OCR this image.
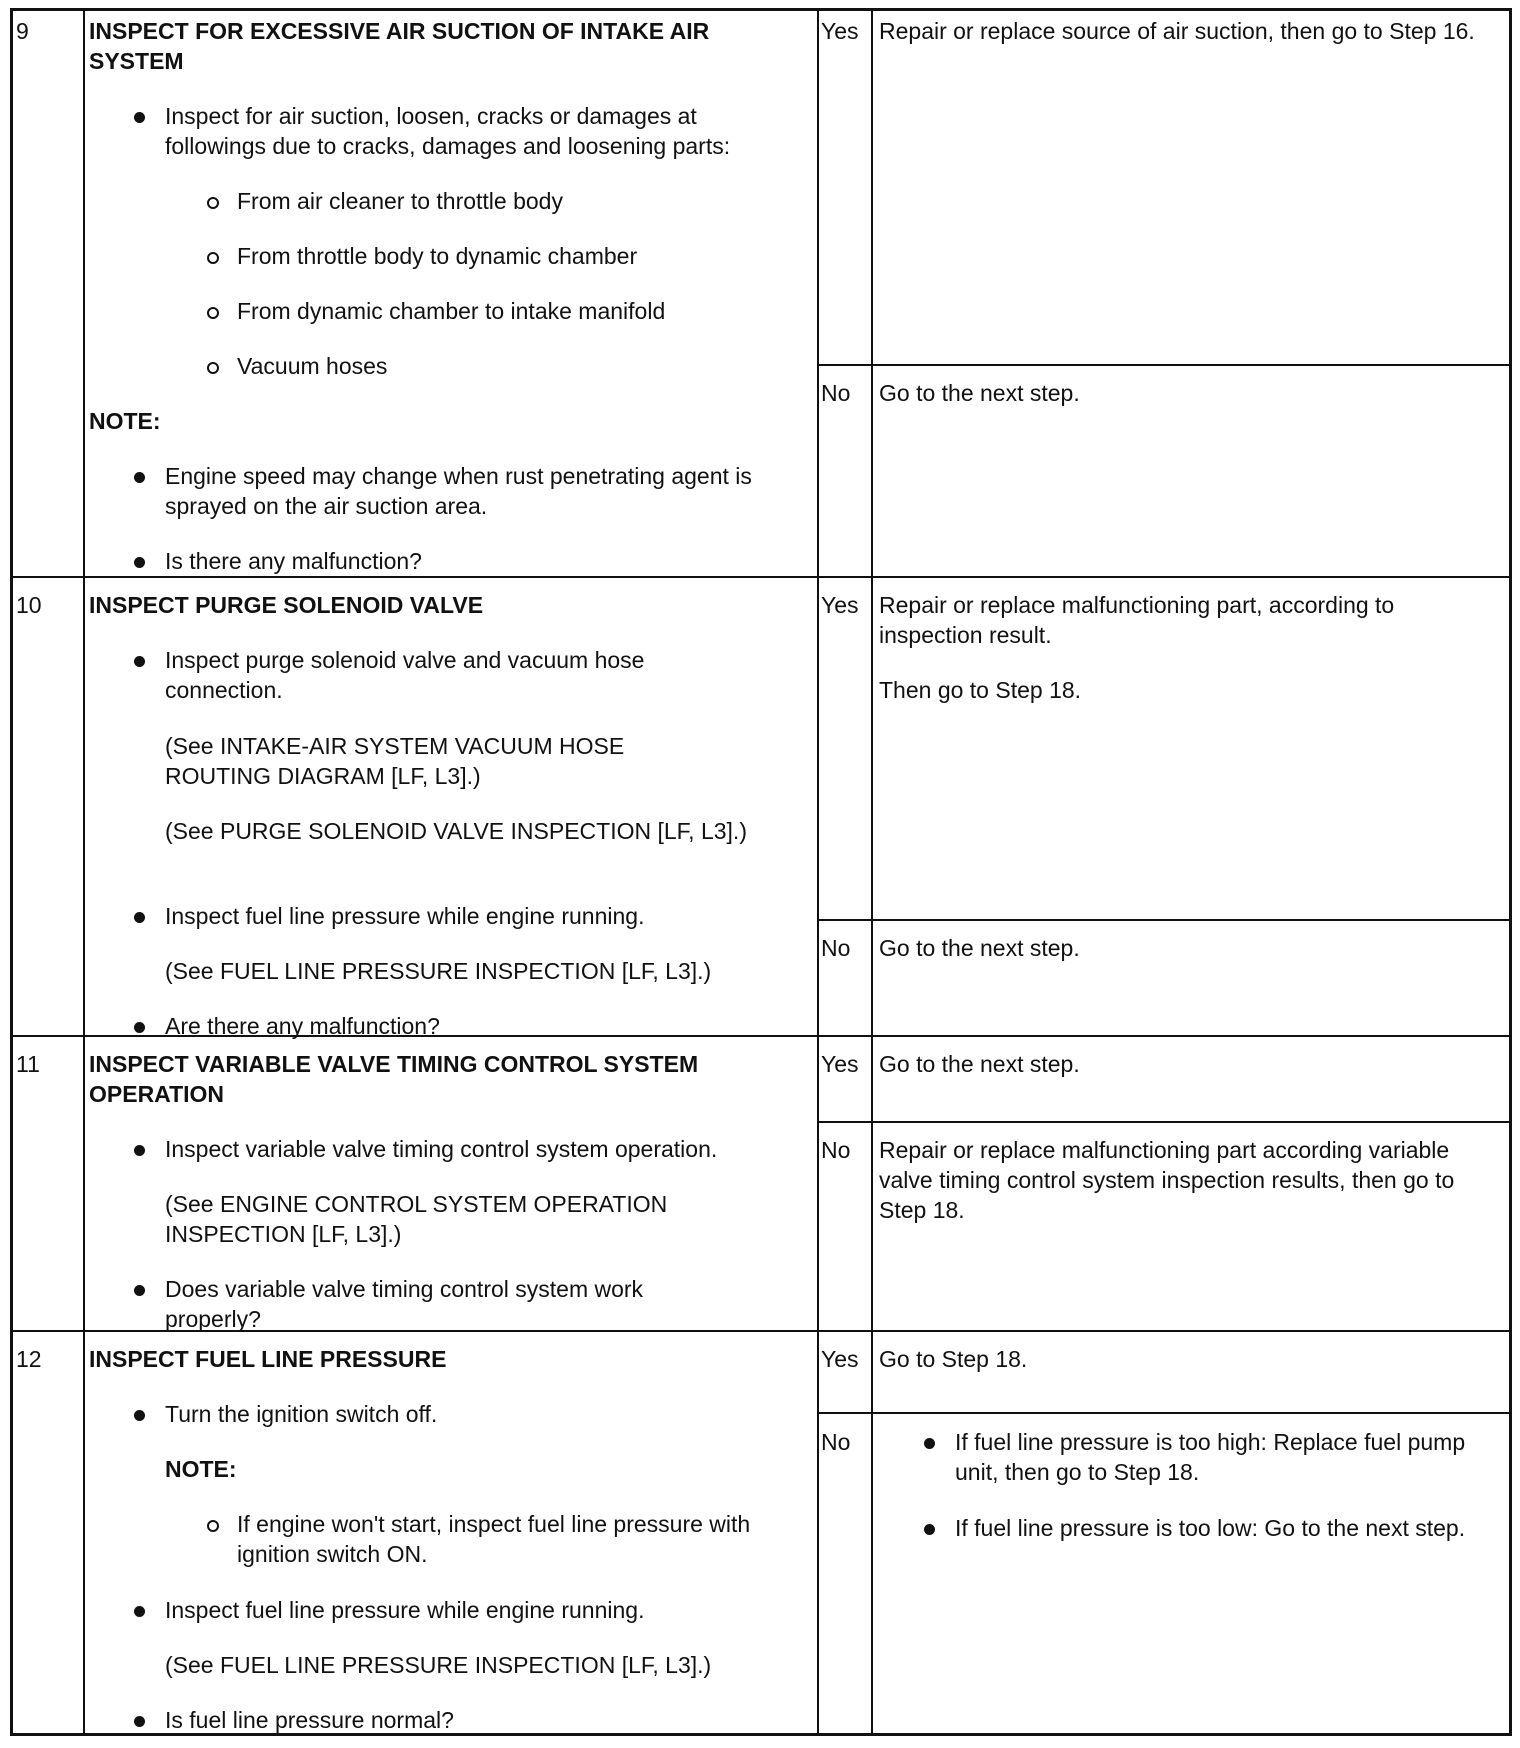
9	INSPECT FOR EXCESSIVE AIR SUCTION OF INTAKE AIR SYSTEM
Inspect for air suction, loosen, cracks or damages at followings due to cracks, damages and loosening parts:
From air cleaner to throttle body
From throttle body to dynamic chamber
From dynamic chamber to intake manifold
Vacuum hoses
NOTE:
Engine speed may change when rust penetrating agent is sprayed on the air suction area.
Is there any malfunction?
Yes Repair or replace source of air suction, then go to Step 16.
No Go to the next step.
10 INSPECT PURGE SOLENOID VALVE
Inspect purge solenoid valve and vacuum hose connection.
(See INTAKE-AIR SYSTEM VACUUM HOSE ROUTING DIAGRAM [LF, L3].)
(See PURGE SOLENOID VALVE INSPECTION [LF, L3].)
Inspect fuel line pressure while engine running.
(See FUEL LINE PRESSURE INSPECTION [LF, L3].)
Are there any malfunction?
Yes Repair or replace malfunctioning part, according to inspection result.
Then go to Step 18.
No Go to the next step.
11 INSPECT VARIABLE VALVE TIMING CONTROL SYSTEM OPERATION
Inspect variable valve timing control system operation.
(See ENGINE CONTROL SYSTEM OPERATION INSPECTION [LF, L3].)
Does variable valve timing control system work properly?
Yes Go to the next step.
No Repair or replace malfunctioning part according variable valve timing control system inspection results, then go to Step 18.
12 INSPECT FUEL LINE PRESSURE
Turn the ignition switch off.
NOTE:
If engine won't start, inspect fuel line pressure with ignition switch ON.
Inspect fuel line pressure while engine running.
(See FUEL LINE PRESSURE INSPECTION [LF, L3].)
Is fuel line pressure normal?
Yes Go to Step 18.
No	If fuel line pressure is too high: Replace fuel pump unit, then go to Step 18.
If fuel line pressure is too low: Go to the next step.
